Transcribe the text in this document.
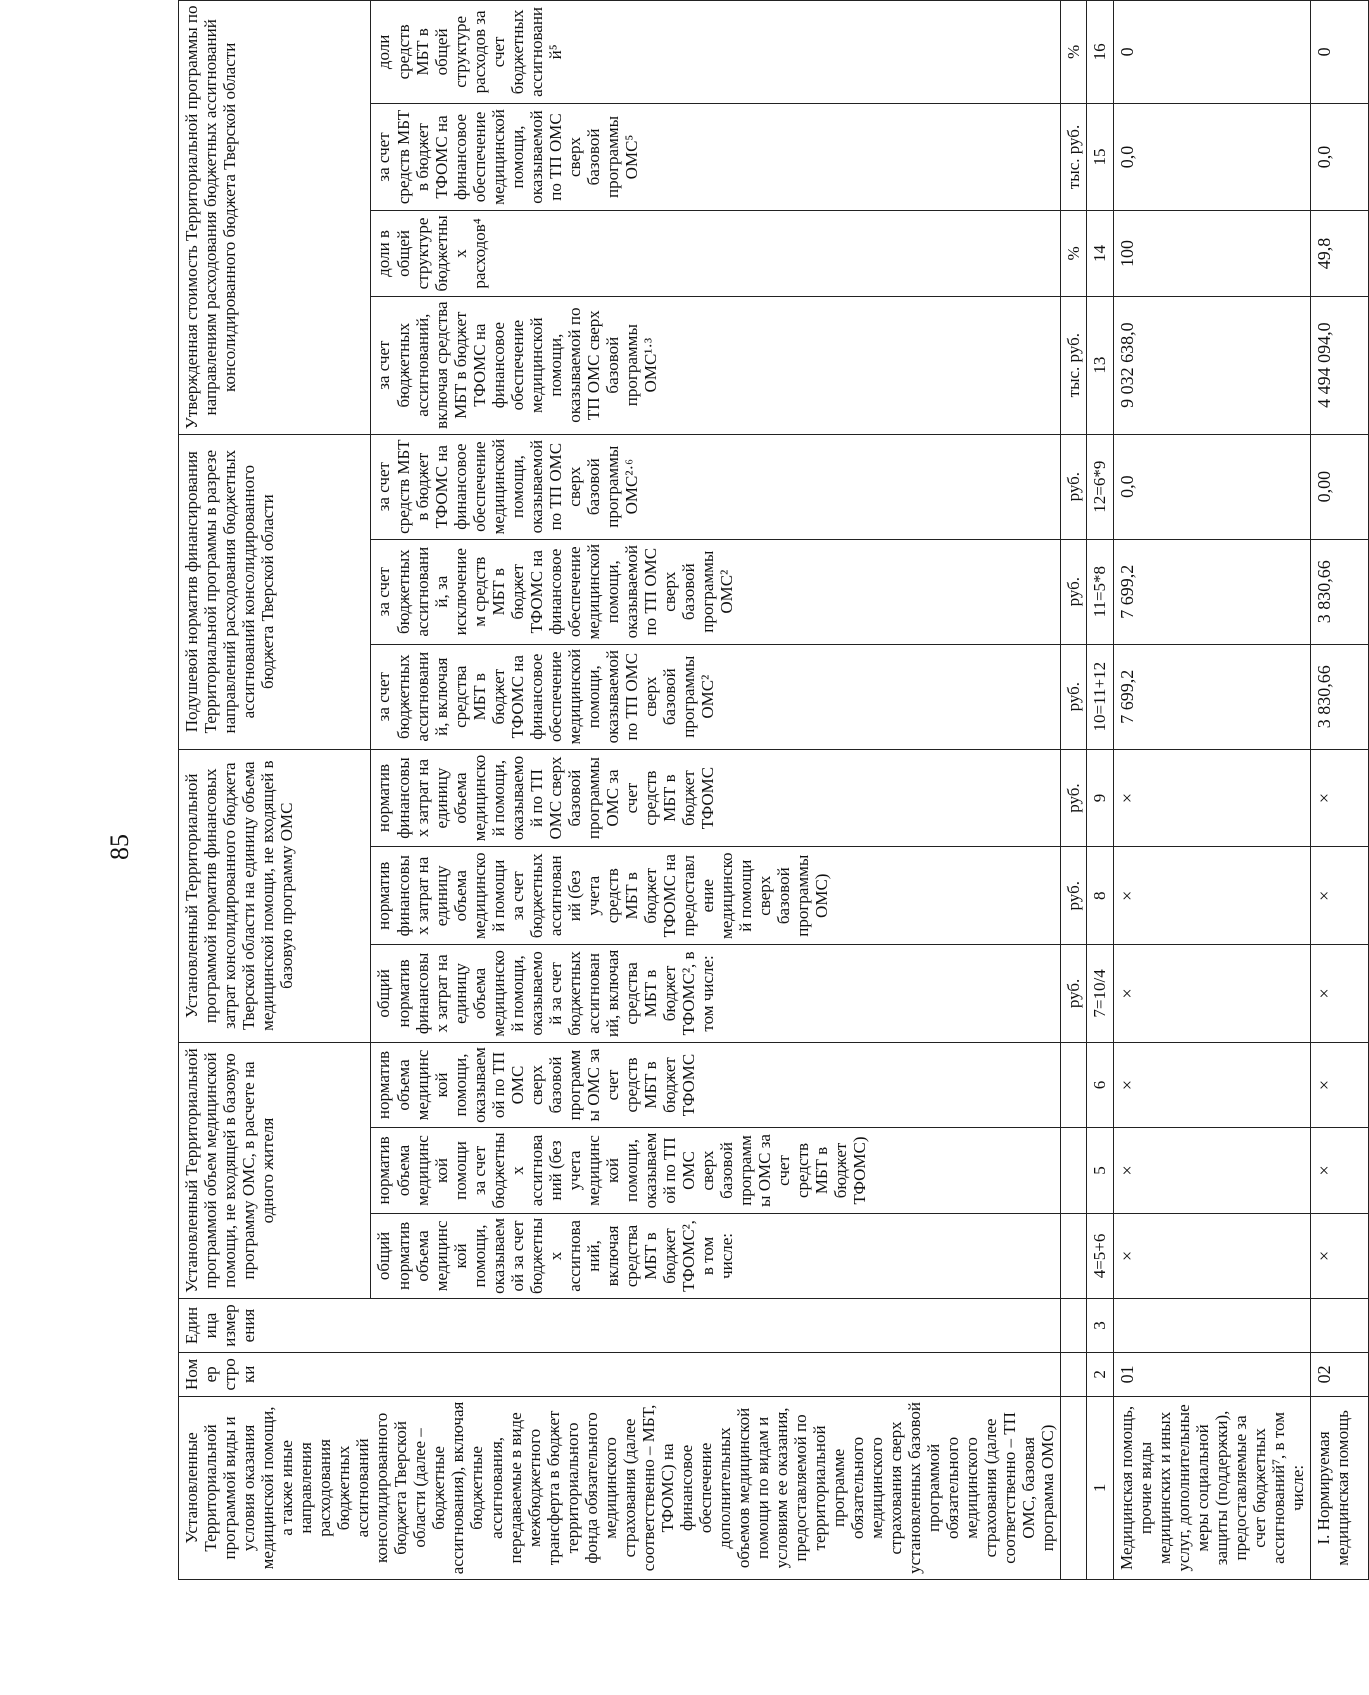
85
Установленные Территориальной программой виды и условия оказания медицинской помощи, а также иные направления расходования бюджетных ассигнований консолидированного бюджета Тверской области (далее – бюджетные ассигнования), включая бюджетные ассигнования, передаваемые в виде межбюджетного трансферта в бюджет территориального фонда обязательного медицинского страхования (далее соответственно – МБТ, ТФОМС) на финансовое обеспечение дополнительных объемов медицинской помощи по видам и условиям ее оказания, предоставляемой по территориальной программе обязательного медицинского страхования сверх установленных базовой программой обязательного медицинского страхования (далее соответственно – ТП ОМС, базовая программа ОМС)	Номер строки	Единица измерения	Установленный Территориальной программой объем медицинской помощи, не входящей в базовую программу ОМС, в расчете на одного жителя			Установленный Территориальной программой норматив финансовых затрат консолидированного бюджета Тверской области на единицу объема медицинской помощи, не входящей в базовую программу ОМС			Подушевой норматив финансирования Территориальной программы в разрезе направлений расходования бюджетных ассигнований консолидированного бюджета Тверской области			Утвержденная стоимость Территориальной программы по направлениям расходования бюджетных ассигнований консолидированного бюджета Тверской области			
			общий норматив объема медицинской помощи, оказываемой за счет бюджетных ассигнований, включая средства МБТ в бюджет ТФОМС², в том числе:	норматив объема медицинской помощи за счет бюджетных ассигнований (без учета медицинской помощи, оказываемой по ТП ОМС сверх базовой программы ОМС за счет средств МБТ в бюджет ТФОМС)	норматив объема медицинской помощи, оказываемой по ТП ОМС сверх базовой программы ОМС за счет средств МБТ в бюджет ТФОМС	общий норматив финансовых затрат на единицу объема медицинской помощи, оказываемой за счет бюджетных ассигнований, включая средства МБТ в бюджет ТФОМС², в том числе:	норматив финансовых затрат на единицу объема медицинской помощи за счет бюджетных ассигнований (без учета средств МБТ в бюджет ТФОМС на предоставление медицинской помощи сверх базовой программы ОМС)	норматив финансовых затрат на единицу объема медицинской помощи, оказываемой по ТП ОМС сверх базовой программы ОМС за счет средств МБТ в бюджет ТФОМС	за счет бюджетных ассигнований, включая средства МБТ в бюджет ТФОМС на финансовое обеспечение медицинской помощи, оказываемой по ТП ОМС сверх базовой программы ОМС²	за счет бюджетных ассигнований, за исключением средств МБТ в бюджет ТФОМС на финансовое обеспечение медицинской помощи, оказываемой по ТП ОМС сверх базовой программы ОМС²	за счет средств МБТ в бюджет ТФОМС на финансовое обеспечение медицинской помощи, оказываемой по ТП ОМС сверх базовой программы ОМС²·⁶	за счет бюджетных ассигнований, включая средства МБТ в бюджет ТФОМС на финансовое обеспечение медицинской помощи, оказываемой по ТП ОМС сверх базовой программы ОМС¹·³	доли в общей структуре бюджетных расходов⁴	за счет средств МБТ в бюджет ТФОМС на финансовое обеспечение медицинской помощи, оказываемой по ТП ОМС сверх базовой программы ОМС⁵	доли средств МБТ в общей структуре расходов за счет бюджетных ассигнований⁵
						руб.	руб.	руб.	руб.	руб.	руб.	тыс. руб.	%	тыс. руб.	%
1	2	3	4=5+6	5	6	7=10/4	8	9	10=11+12	11=5*8	12=6*9	13	14	15	16
Медицинская помощь, прочие виды медицинских и иных услуг, дополнительные меры социальной защиты (поддержки), предоставляемые за счет бюджетных ассигнований⁷, в том числе:	01		×	×	×	×	×	×	7 699,2	7 699,2	0,0	9 032 638,0	100	0,0	0
I. Нормируемая медицинская помощь	02		×	×	×	×	×	×	3 830,66	3 830,66	0,00	4 494 094,0	49,8	0,0	0
